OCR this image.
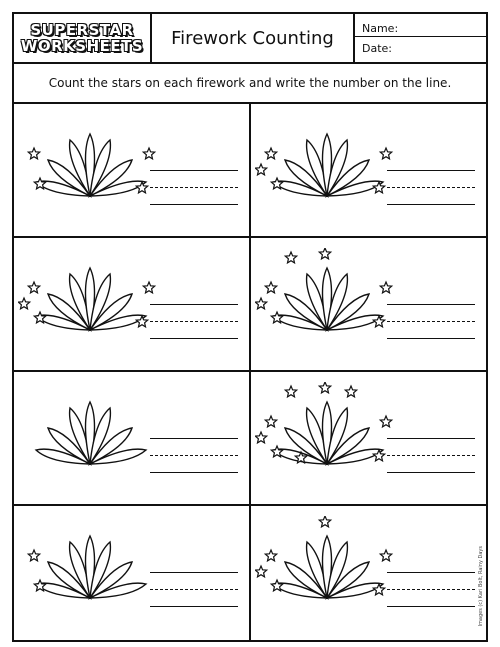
SUPERSTAR
WORKSHEETS	Firework Counting	Name:
Date:
Count the stars on each firework and write the number on the line.
Images (c) Kari Bolt, Rainy Days
